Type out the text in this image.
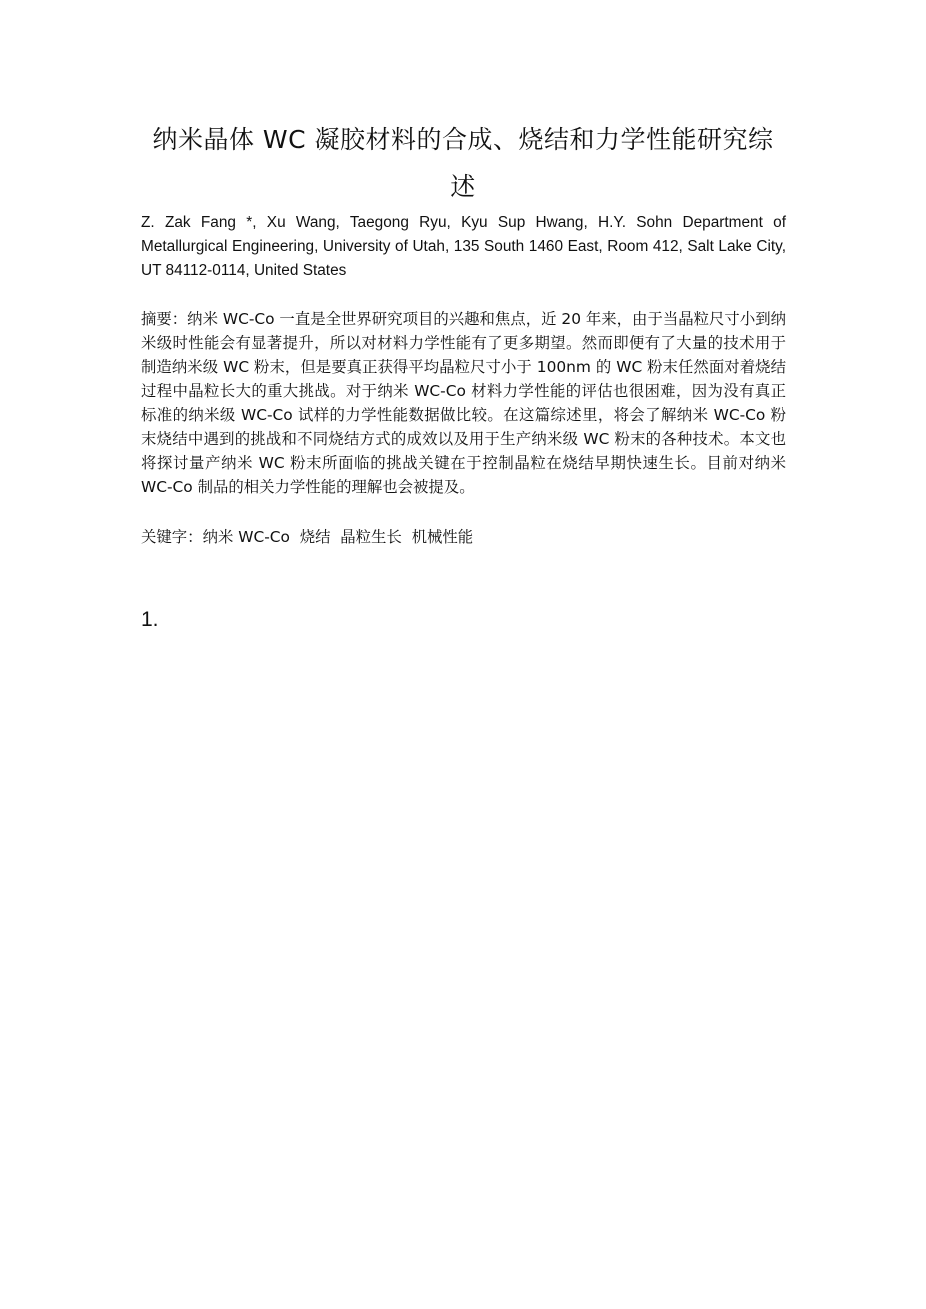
纳米晶体 WC 凝胶材料的合成、烧结和力学性能研究综述

Z. Zak Fang *, Xu Wang, Taegong Ryu, Kyu Sup Hwang, H.Y. Sohn Department of Metallurgical Engineering, University of Utah, 135 South 1460 East, Room 412, Salt Lake City, UT 84112-0114, United States

摘要：纳米 WC-Co 一直是全世界研究项目的兴趣和焦点，近 20 年来，由于当晶粒尺寸小到纳米级时性能会有显著提升，所以对材料力学性能有了更多期望。然而即便有了大量的技术用于制造纳米级 WC 粉末，但是要真正获得平均晶粒尺寸小于 100nm 的 WC 粉末任然面对着烧结过程中晶粒长大的重大挑战。对于纳米 WC-Co 材料力学性能的评估也很困难，因为没有真正标准的纳米级 WC-Co 试样的力学性能数据做比较。在这篇综述里，将会了解纳米 WC-Co 粉末烧结中遇到的挑战和不同烧结方式的成效以及用于生产纳米级 WC 粉末的各种技术。本文也将探讨量产纳米 WC 粉末所面临的挑战关键在于控制晶粒在烧结早期快速生长。目前对纳米 WC-Co 制品的相关力学性能的理解也会被提及。

关键字：纳米 WC-Co  烧结  晶粒生长  机械性能

1.
